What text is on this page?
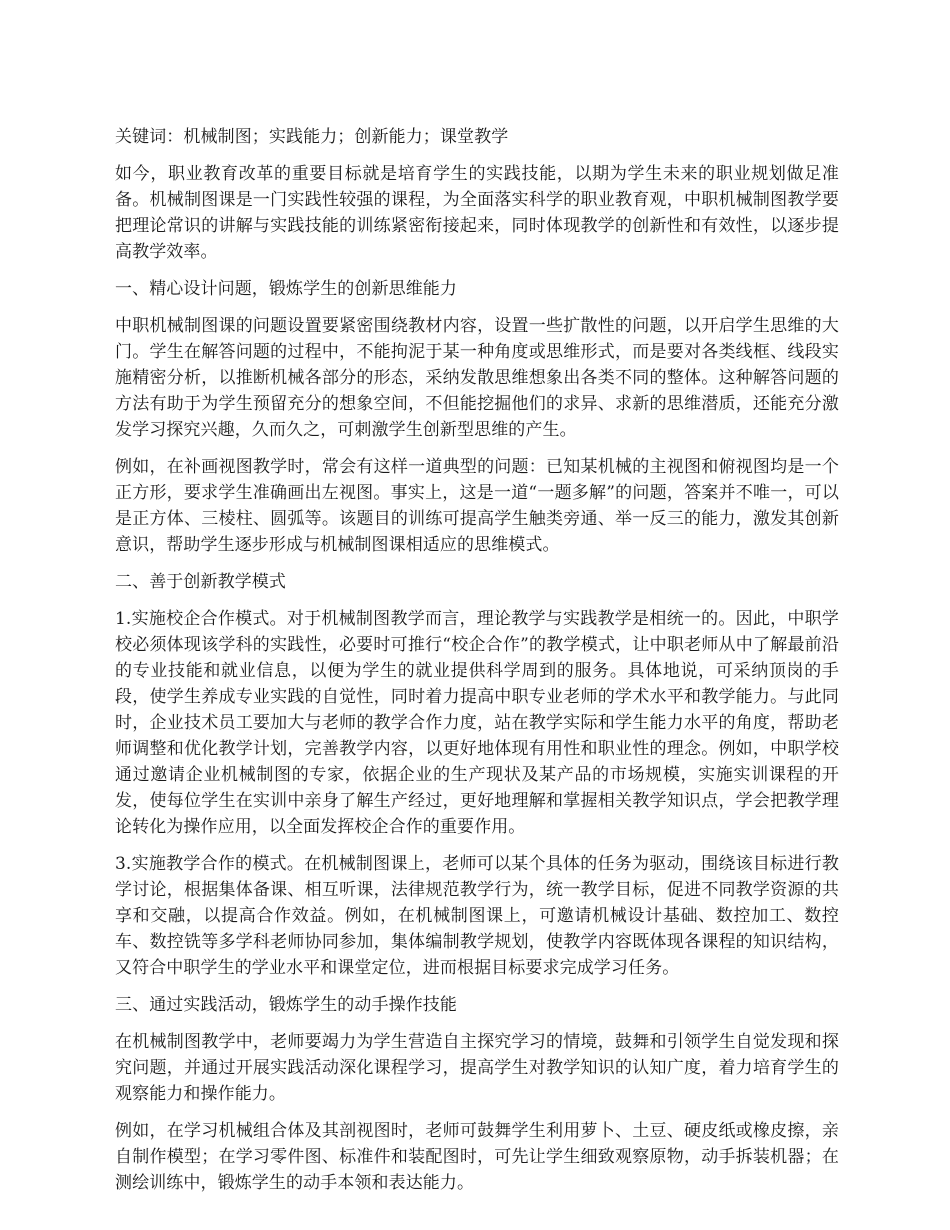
关键词：机械制图；实践能力；创新能力；课堂教学

如今，职业教育改革的重要目标就是培育学生的实践技能，以期为学生未来的职业规划做足准备。机械制图课是一门实践性较强的课程，为全面落实科学的职业教育观，中职机械制图教学要把理论常识的讲解与实践技能的训练紧密衔接起来，同时体现教学的创新性和有效性，以逐步提高教学效率。

一、精心设计问题，锻炼学生的创新思维能力

中职机械制图课的问题设置要紧密围绕教材内容，设置一些扩散性的问题，以开启学生思维的大门。学生在解答问题的过程中，不能拘泥于某一种角度或思维形式，而是要对各类线框、线段实施精密分析，以推断机械各部分的形态，采纳发散思维想象出各类不同的整体。这种解答问题的方法有助于为学生预留充分的想象空间，不但能挖掘他们的求异、求新的思维潜质，还能充分激发学习探究兴趣，久而久之，可刺激学生创新型思维的产生。

例如，在补画视图教学时，常会有这样一道典型的问题：已知某机械的主视图和俯视图均是一个正方形，要求学生准确画出左视图。事实上，这是一道“一题多解”的问题，答案并不唯一，可以是正方体、三棱柱、圆弧等。该题目的训练可提高学生触类旁通、举一反三的能力，激发其创新意识，帮助学生逐步形成与机械制图课相适应的思维模式。

二、善于创新教学模式

1.实施校企合作模式。对于机械制图教学而言，理论教学与实践教学是相统一的。因此，中职学校必须体现该学科的实践性，必要时可推行“校企合作”的教学模式，让中职老师从中了解最前沿的专业技能和就业信息，以便为学生的就业提供科学周到的服务。具体地说，可采纳顶岗的手段，使学生养成专业实践的自觉性，同时着力提高中职专业老师的学术水平和教学能力。与此同时，企业技术员工要加大与老师的教学合作力度，站在教学实际和学生能力水平的角度，帮助老师调整和优化教学计划，完善教学内容，以更好地体现有用性和职业性的理念。例如，中职学校通过邀请企业机械制图的专家，依据企业的生产现状及某产品的市场规模，实施实训课程的开发，使每位学生在实训中亲身了解生产经过，更好地理解和掌握相关教学知识点，学会把教学理论转化为操作应用，以全面发挥校企合作的重要作用。

3.实施教学合作的模式。在机械制图课上，老师可以某个具体的任务为驱动，围绕该目标进行教学讨论，根据集体备课、相互听课，法律规范教学行为，统一教学目标，促进不同教学资源的共享和交融，以提高合作效益。例如，在机械制图课上，可邀请机械设计基础、数控加工、数控车、数控铣等多学科老师协同参加，集体编制教学规划，使教学内容既体现各课程的知识结构，又符合中职学生的学业水平和课堂定位，进而根据目标要求完成学习任务。

三、通过实践活动，锻炼学生的动手操作技能

在机械制图教学中，老师要竭力为学生营造自主探究学习的情境，鼓舞和引领学生自觉发现和探究问题，并通过开展实践活动深化课程学习，提高学生对教学知识的认知广度，着力培育学生的观察能力和操作能力。

例如，在学习机械组合体及其剖视图时，老师可鼓舞学生利用萝卜、土豆、硬皮纸或橡皮擦，亲自制作模型；在学习零件图、标准件和装配图时，可先让学生细致观察原物，动手拆装机器；在测绘训练中，锻炼学生的动手本领和表达能力。
